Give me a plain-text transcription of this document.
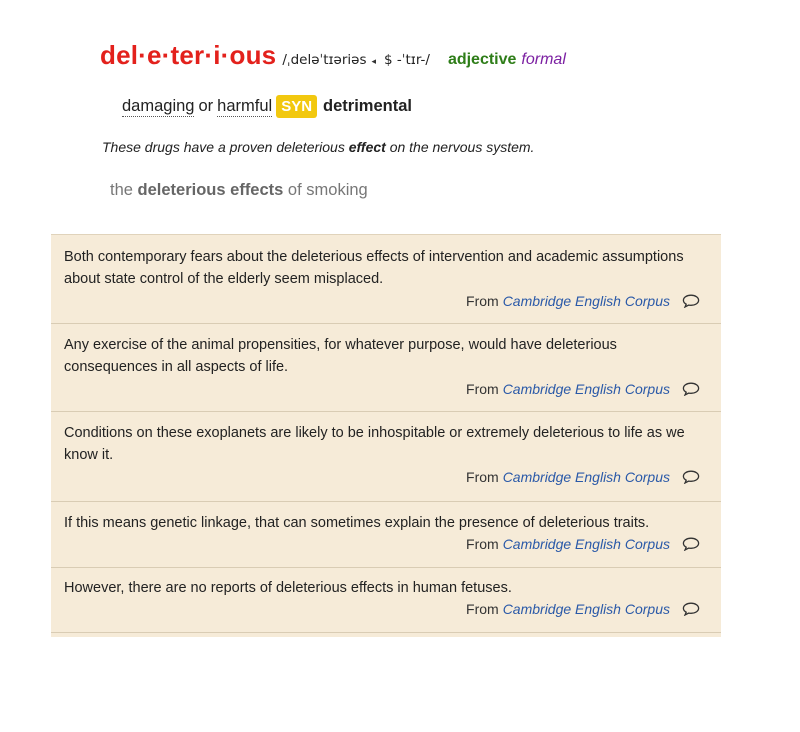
del·e·ter·i·ous /ˌdeləˈtɪəriəs ◂ $ -ˈtɪr-/ adjective formal
damaging or harmful SYN detrimental
These drugs have a proven deleterious effect on the nervous system.
the deleterious effects of smoking
Both contemporary fears about the deleterious effects of intervention and academic assumptions about state control of the elderly seem misplaced.
From Cambridge English Corpus
Any exercise of the animal propensities, for whatever purpose, would have deleterious consequences in all aspects of life.
From Cambridge English Corpus
Conditions on these exoplanets are likely to be inhospitable or extremely deleterious to life as we know it.
From Cambridge English Corpus
If this means genetic linkage, that can sometimes explain the presence of deleterious traits.
From Cambridge English Corpus
However, there are no reports of deleterious effects in human fetuses.
From Cambridge English Corpus
